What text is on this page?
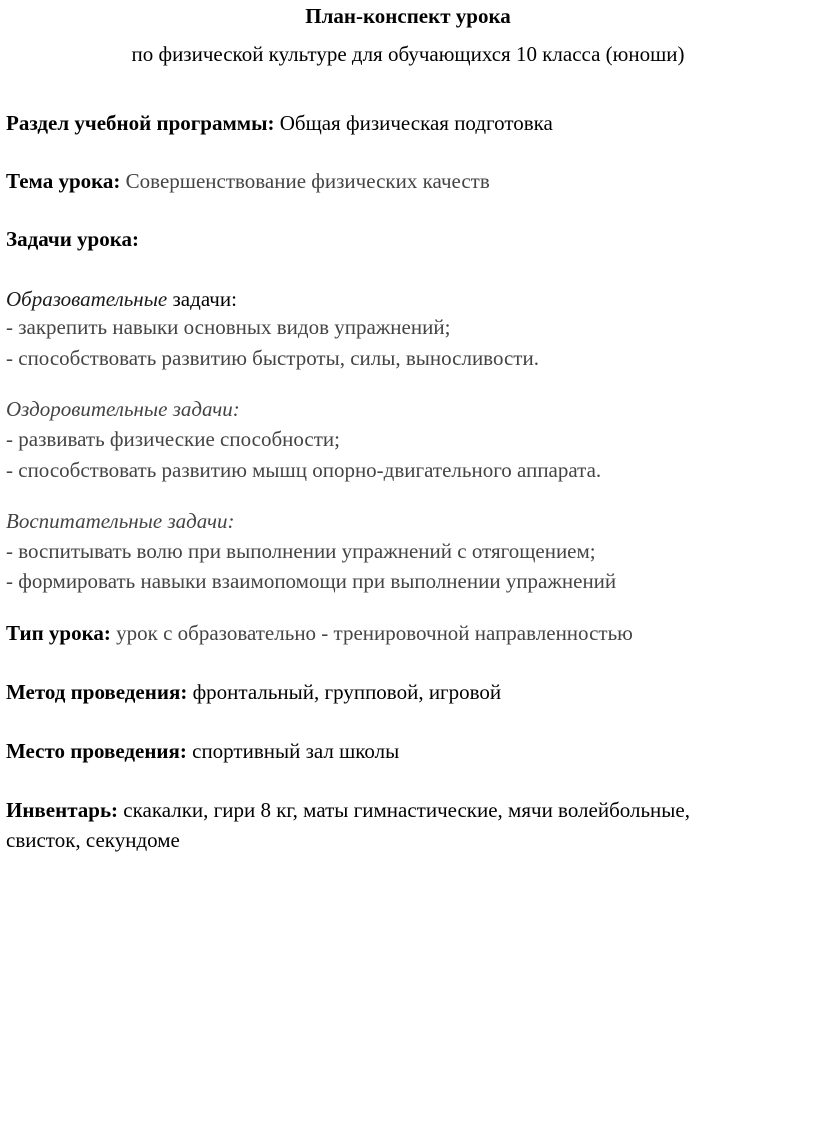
План-конспект урока
по физической культуре для обучающихся 10 класса (юноши)
Раздел учебной программы: Общая физическая подготовка
Тема урока: Совершенствование физических качеств
Задачи урока:
Образовательные задачи:
- закрепить навыки основных видов упражнений;
- способствовать развитию быстроты, силы, выносливости.
Оздоровительные задачи:
- развивать физические способности;
- способствовать развитию мышц опорно-двигательного аппарата.
Воспитательные задачи:
- воспитывать волю при выполнении упражнений с отягощением;
- формировать навыки взаимопомощи при выполнении упражнений
Тип урока: урок с образовательно - тренировочной направленностью
Метод проведения: фронтальный, групповой, игровой
Место проведения: спортивный зал школы
Инвентарь: скакалки, гири 8 кг, маты гимнастические, мячи волейбольные,
свисток, секундоме
